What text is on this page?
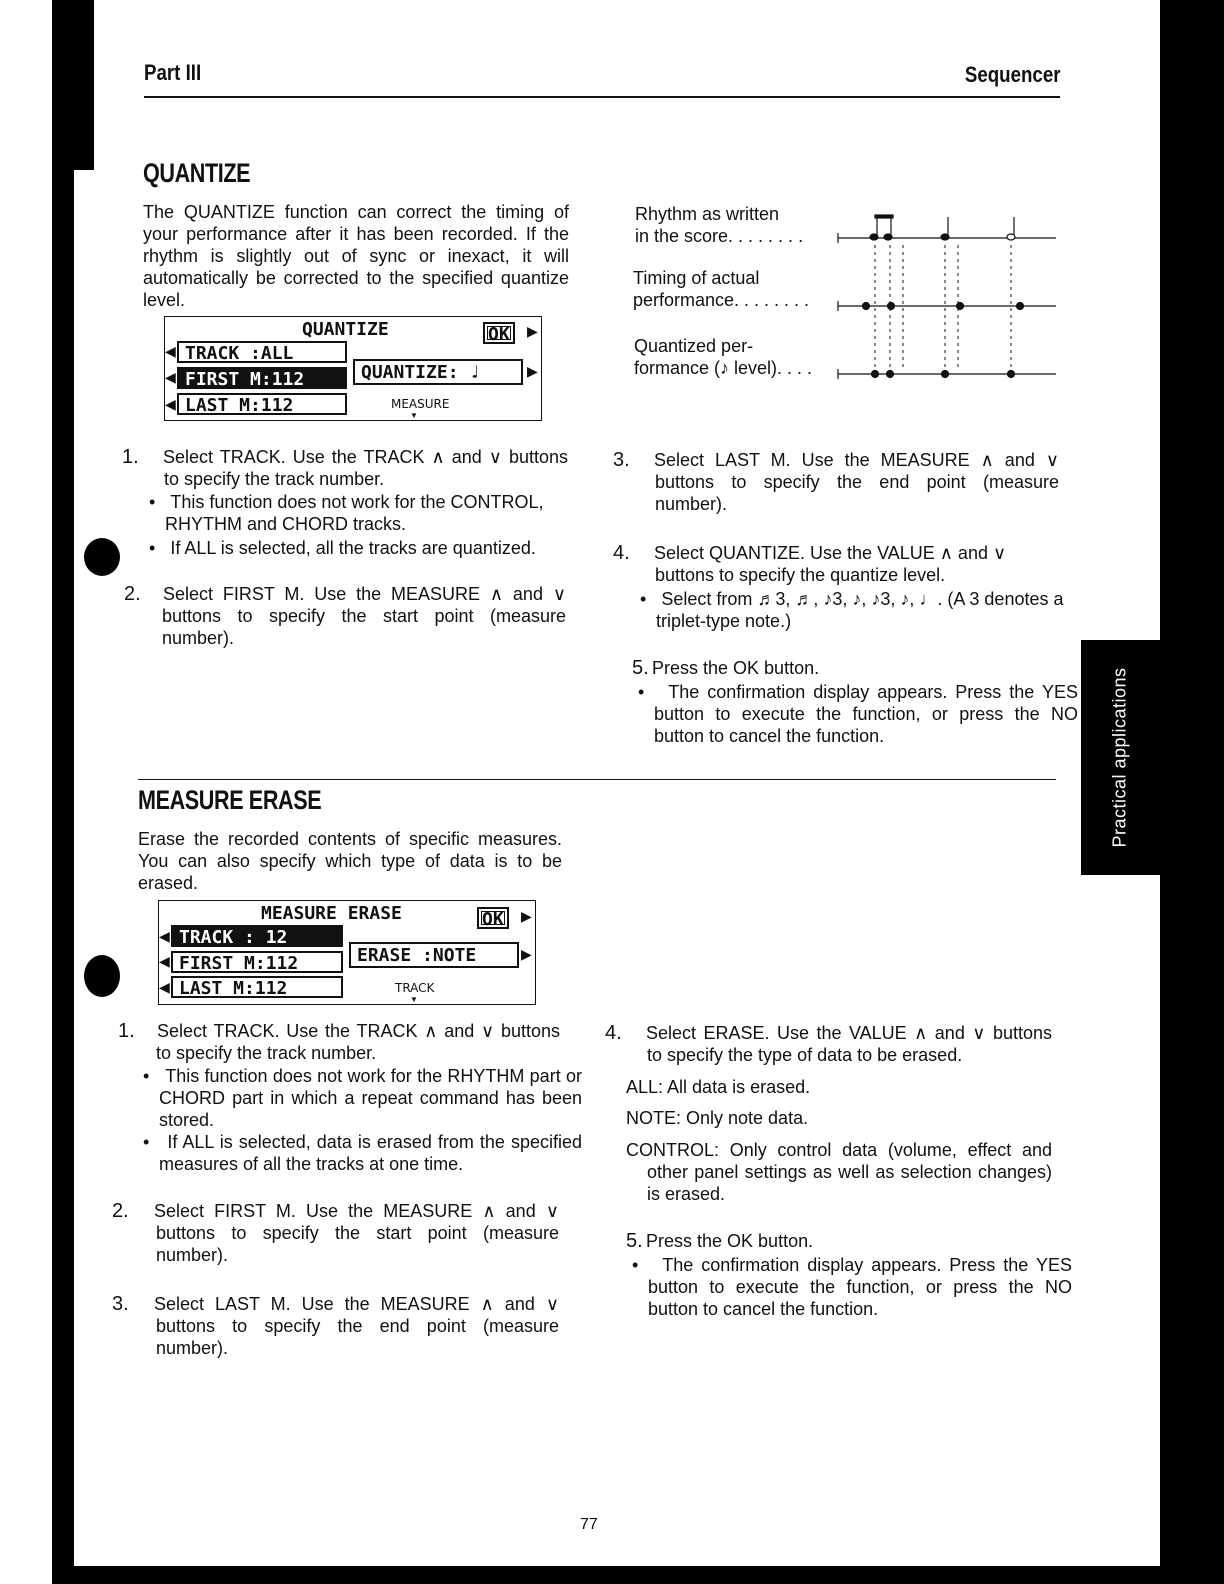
Part III	Sequencer
QUANTIZE
The QUANTIZE function can correct the timing of your performance after it has been recorded. If the rhythm is slightly out of sync or inexact, it will automatically be corrected to the specified quantize level.
QUANTIZE	OK	▶
◀ TRACK :ALL
◀ FIRST M:112	QUANTIZE: ♩	▶
◀ LAST M:112	MEASURE
▼
Rhythm as written
in the score. . . . . . . .
Timing of actual
performance. . . . . . . .
Quantized per-
formance (♪ level). . . .
1. Select TRACK. Use the TRACK ∧ and ∨ buttons to specify the track number.
• This function does not work for the CONTROL, RHYTHM and CHORD tracks.
• If ALL is selected, all the tracks are quantized.
2. Select FIRST M. Use the MEASURE ∧ and ∨ buttons to specify the start point (measure number).
3. Select LAST M. Use the MEASURE ∧ and ∨ buttons to specify the end point (measure number).
4. Select QUANTIZE. Use the VALUE ∧ and ∨ buttons to specify the quantize level.
• Select from ♬3, ♬, ♪3, ♪, ♪3, ♪, ♩. (A 3 denotes a triplet-type note.)
5. Press the OK button.
• The confirmation display appears. Press the YES button to execute the function, or press the NO button to cancel the function.
MEASURE ERASE
Erase the recorded contents of specific measures. You can also specify which type of data is to be erased.
MEASURE ERASE	OK	▶
◀ TRACK : 12
◀ FIRST M:112	ERASE :NOTE	▶
◀ LAST M:112	TRACK
▼
1. Select TRACK. Use the TRACK ∧ and ∨ buttons to specify the track number.
• This function does not work for the RHYTHM part or CHORD part in which a repeat command has been stored.
• If ALL is selected, data is erased from the specified measures of all the tracks at one time.
2. Select FIRST M. Use the MEASURE ∧ and ∨ buttons to specify the start point (measure number).
3. Select LAST M. Use the MEASURE ∧ and ∨ buttons to specify the end point (measure number).
4. Select ERASE. Use the VALUE ∧ and ∨ buttons to specify the type of data to be erased.
ALL: All data is erased.
NOTE: Only note data.
CONTROL: Only control data (volume, effect and other panel settings as well as selection changes) is erased.
5. Press the OK button.
• The confirmation display appears. Press the YES button to execute the function, or press the NO button to cancel the function.
Practical applications
77
